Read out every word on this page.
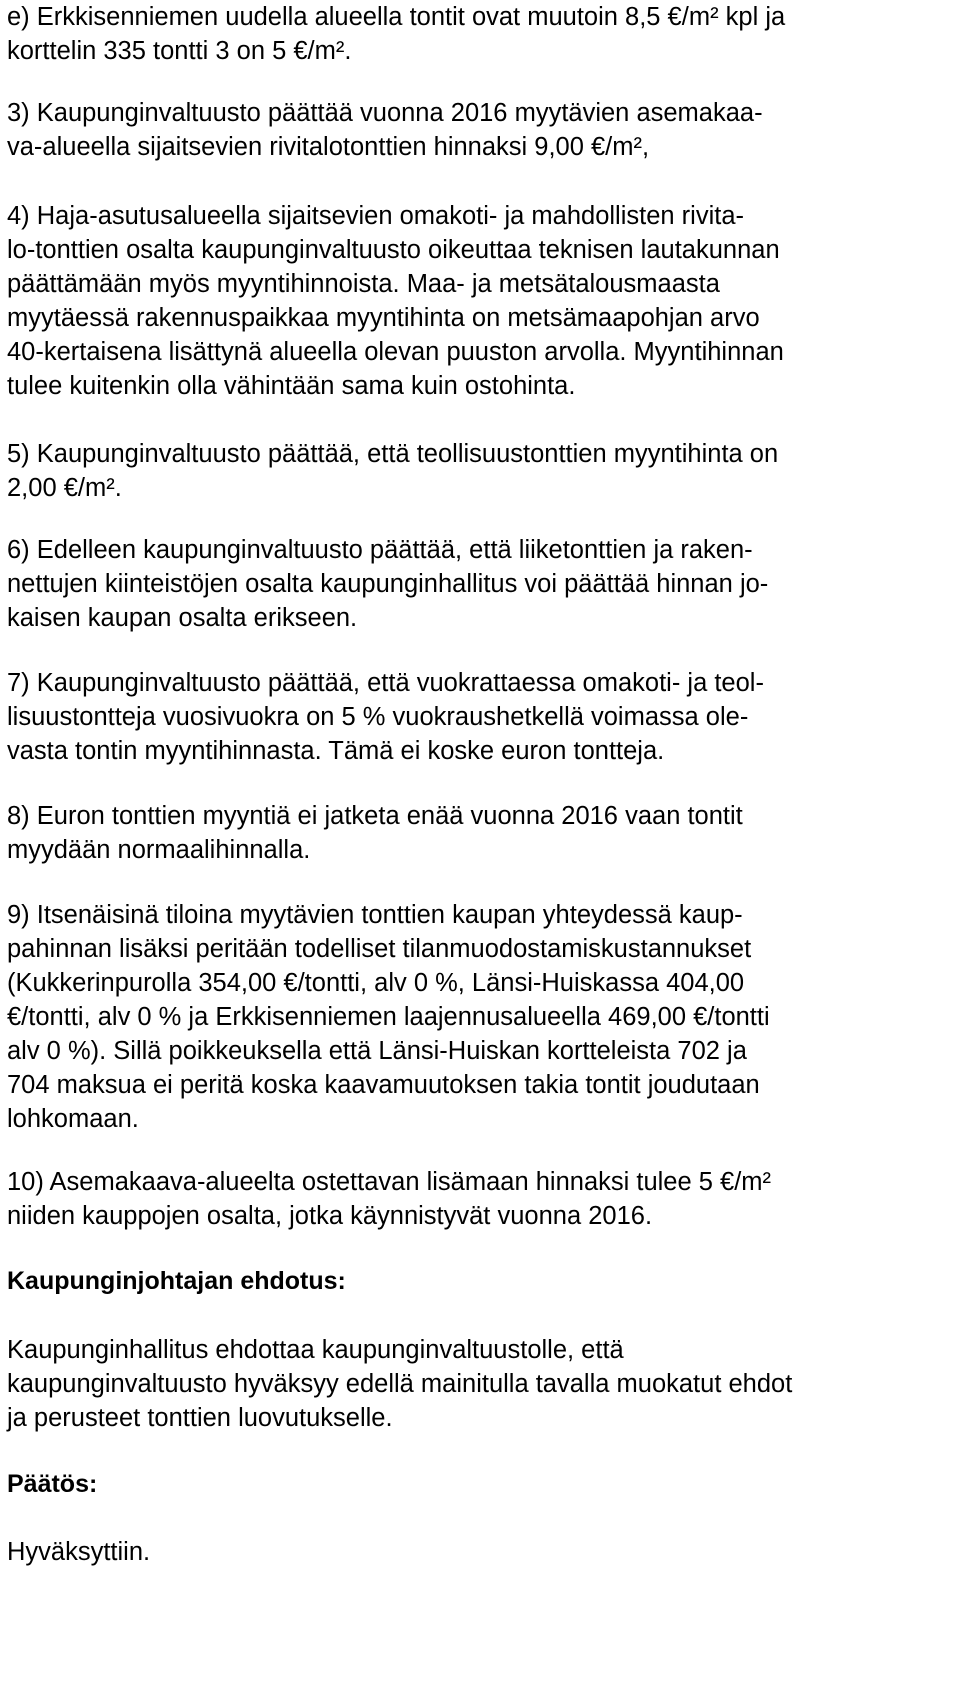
e) Erkkisenniemen uudella alueella tontit ovat muutoin 8,5 €/m² kpl ja
korttelin 335 tontti 3 on 5 €/m².
3) Kaupunginvaltuusto päättää vuonna 2016 myytävien asemakaa-
va-alueella sijaitsevien rivitalotonttien hinnaksi 9,00 €/m²,
4) Haja-asutusalueella sijaitsevien omakoti- ja mahdollisten rivita-
lo-tonttien osalta kaupunginvaltuusto oikeuttaa teknisen lautakunnan
päättämään myös myyntihinnoista. Maa- ja metsätalousmaasta
myytäessä rakennuspaikkaa myyntihinta on metsämaapohjan arvo
40-kertaisena lisättynä alueella olevan puuston arvolla. Myyntihinnan
tulee kuitenkin olla vähintään sama kuin ostohinta.
5) Kaupunginvaltuusto päättää, että teollisuustonttien myyntihinta on
2,00 €/m².
6) Edelleen kaupunginvaltuusto päättää, että liiketonttien ja raken-
nettujen kiinteistöjen osalta kaupunginhallitus voi päättää hinnan jo-
kaisen kaupan osalta erikseen.
7) Kaupunginvaltuusto päättää, että vuokrattaessa omakoti- ja teol-
lisuustontteja vuosivuokra on 5 % vuokraushetkellä voimassa ole-
vasta tontin myyntihinnasta. Tämä ei koske euron tontteja.
8) Euron tonttien myyntiä ei jatketa enää vuonna 2016 vaan tontit
myydään normaalihinnalla.
9) Itsenäisinä tiloina myytävien tonttien kaupan yhteydessä kaup-
pahinnan lisäksi peritään todelliset tilanmuodostamiskustannukset
(Kukkerinpurolla 354,00 €/tontti, alv 0 %, Länsi-Huiskassa 404,00
€/tontti, alv 0 % ja Erkkisenniemen laajennusalueella 469,00 €/tontti
alv 0 %). Sillä poikkeuksella että Länsi-Huiskan kortteleista 702 ja
704 maksua ei peritä koska kaavamuutoksen takia tontit joudutaan
lohkomaan.
10) Asemakaava-alueelta ostettavan lisämaan hinnaksi tulee 5 €/m²
niiden kauppojen osalta, jotka käynnistyvät vuonna 2016.
Kaupunginjohtajan ehdotus:
Kaupunginhallitus ehdottaa kaupunginvaltuustolle, että
kaupunginvaltuusto hyväksyy edellä mainitulla tavalla muokatut ehdot
ja perusteet tonttien luovutukselle.
Päätös:
Hyväksyttiin.
